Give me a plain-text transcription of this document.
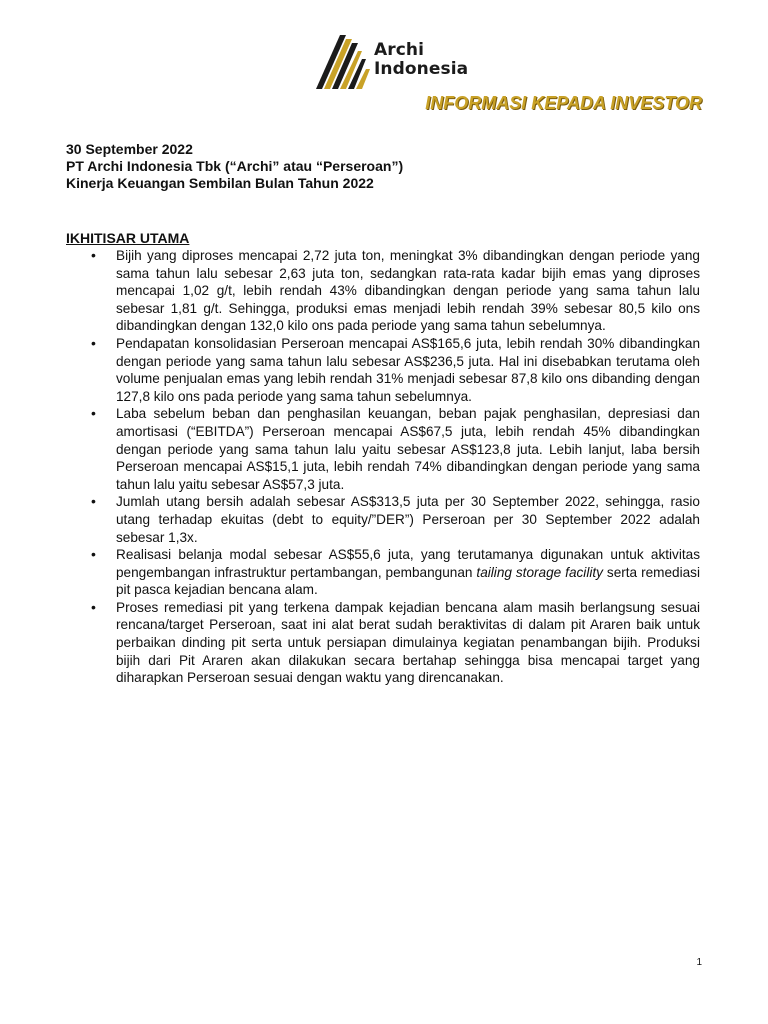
Archi
Indonesia
INFORMASI KEPADA INVESTOR
30 September 2022
PT Archi Indonesia Tbk (“Archi” atau “Perseroan”)
Kinerja Keuangan Sembilan Bulan Tahun 2022
IKHITISAR UTAMA
• Bijih yang diproses mencapai 2,72 juta ton, meningkat 3% dibandingkan dengan periode yang sama tahun lalu sebesar 2,63 juta ton, sedangkan rata-rata kadar bijih emas yang diproses mencapai 1,02 g/t, lebih rendah 43% dibandingkan dengan periode yang sama tahun lalu sebesar 1,81 g/t. Sehingga, produksi emas menjadi lebih rendah 39% sebesar 80,5 kilo ons dibandingkan dengan 132,0 kilo ons pada periode yang sama tahun sebelumnya.
• Pendapatan konsolidasian Perseroan mencapai AS$165,6 juta, lebih rendah 30% dibandingkan dengan periode yang sama tahun lalu sebesar AS$236,5 juta. Hal ini disebabkan terutama oleh volume penjualan emas yang lebih rendah 31% menjadi sebesar 87,8 kilo ons dibanding dengan 127,8 kilo ons pada periode yang sama tahun sebelumnya.
• Laba sebelum beban dan penghasilan keuangan, beban pajak penghasilan, depresiasi dan amortisasi (“EBITDA”) Perseroan mencapai AS$67,5 juta, lebih rendah 45% dibandingkan dengan periode yang sama tahun lalu yaitu sebesar AS$123,8 juta. Lebih lanjut, laba bersih Perseroan mencapai AS$15,1 juta, lebih rendah 74% dibandingkan dengan periode yang sama tahun lalu yaitu sebesar AS$57,3 juta.
• Jumlah utang bersih adalah sebesar AS$313,5 juta per 30 September 2022, sehingga, rasio utang terhadap ekuitas (debt to equity/”DER”) Perseroan per 30 September 2022 adalah sebesar 1,3x.
• Realisasi belanja modal sebesar AS$55,6 juta, yang terutamanya digunakan untuk aktivitas pengembangan infrastruktur pertambangan, pembangunan tailing storage facility serta remediasi pit pasca kejadian bencana alam.
• Proses remediasi pit yang terkena dampak kejadian bencana alam masih berlangsung sesuai rencana/target Perseroan, saat ini alat berat sudah beraktivitas di dalam pit Araren baik untuk perbaikan dinding pit serta untuk persiapan dimulainya kegiatan penambangan bijih. Produksi bijih dari Pit Araren akan dilakukan secara bertahap sehingga bisa mencapai target yang diharapkan Perseroan sesuai dengan waktu yang direncanakan.
1
